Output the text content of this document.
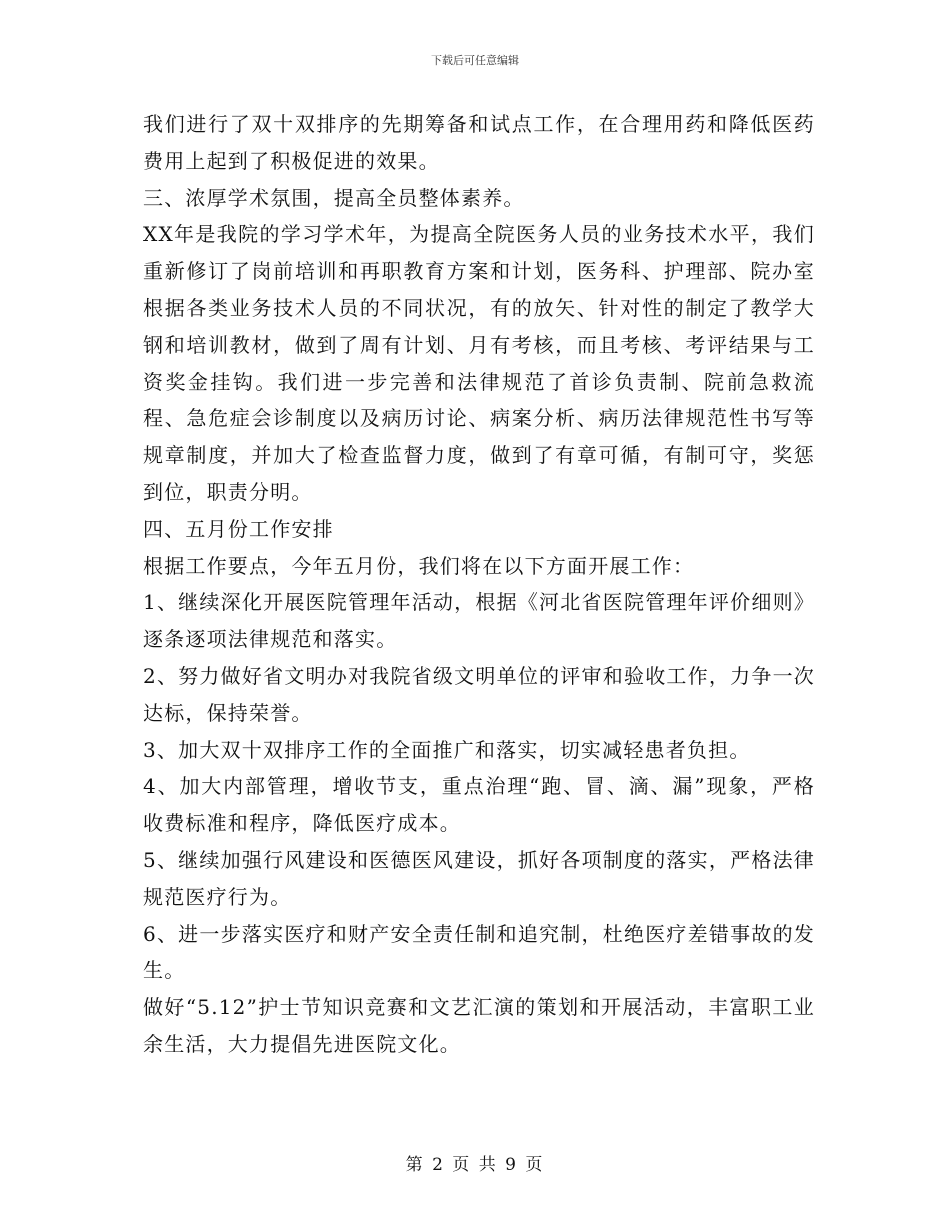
下载后可任意编辑

我们进行了双十双排序的先期筹备和试点工作，在合理用药和降低医药费用上起到了积极促进的效果。

三、浓厚学术氛围，提高全员整体素养。

XX年是我院的学习学术年，为提高全院医务人员的业务技术水平，我们重新修订了岗前培训和再职教育方案和计划，医务科、护理部、院办室根据各类业务技术人员的不同状况，有的放矢、针对性的制定了教学大钢和培训教材，做到了周有计划、月有考核，而且考核、考评结果与工资奖金挂钩。我们进一步完善和法律规范了首诊负责制、院前急救流程、急危症会诊制度以及病历讨论、病案分析、病历法律规范性书写等规章制度，并加大了检查监督力度，做到了有章可循，有制可守，奖惩到位，职责分明。

四、五月份工作安排

根据工作要点，今年五月份，我们将在以下方面开展工作：

1、继续深化开展医院管理年活动，根据《河北省医院管理年评价细则》逐条逐项法律规范和落实。

2、努力做好省文明办对我院省级文明单位的评审和验收工作，力争一次达标，保持荣誉。

3、加大双十双排序工作的全面推广和落实，切实减轻患者负担。

4、加大内部管理，增收节支，重点治理“跑、冒、滴、漏”现象，严格收费标准和程序，降低医疗成本。

5、继续加强行风建设和医德医风建设，抓好各项制度的落实，严格法律规范医疗行为。

6、进一步落实医疗和财产安全责任制和追究制，杜绝医疗差错事故的发生。

做好“5.12”护士节知识竞赛和文艺汇演的策划和开展活动，丰富职工业余生活，大力提倡先进医院文化。

第 2 页 共 9 页
